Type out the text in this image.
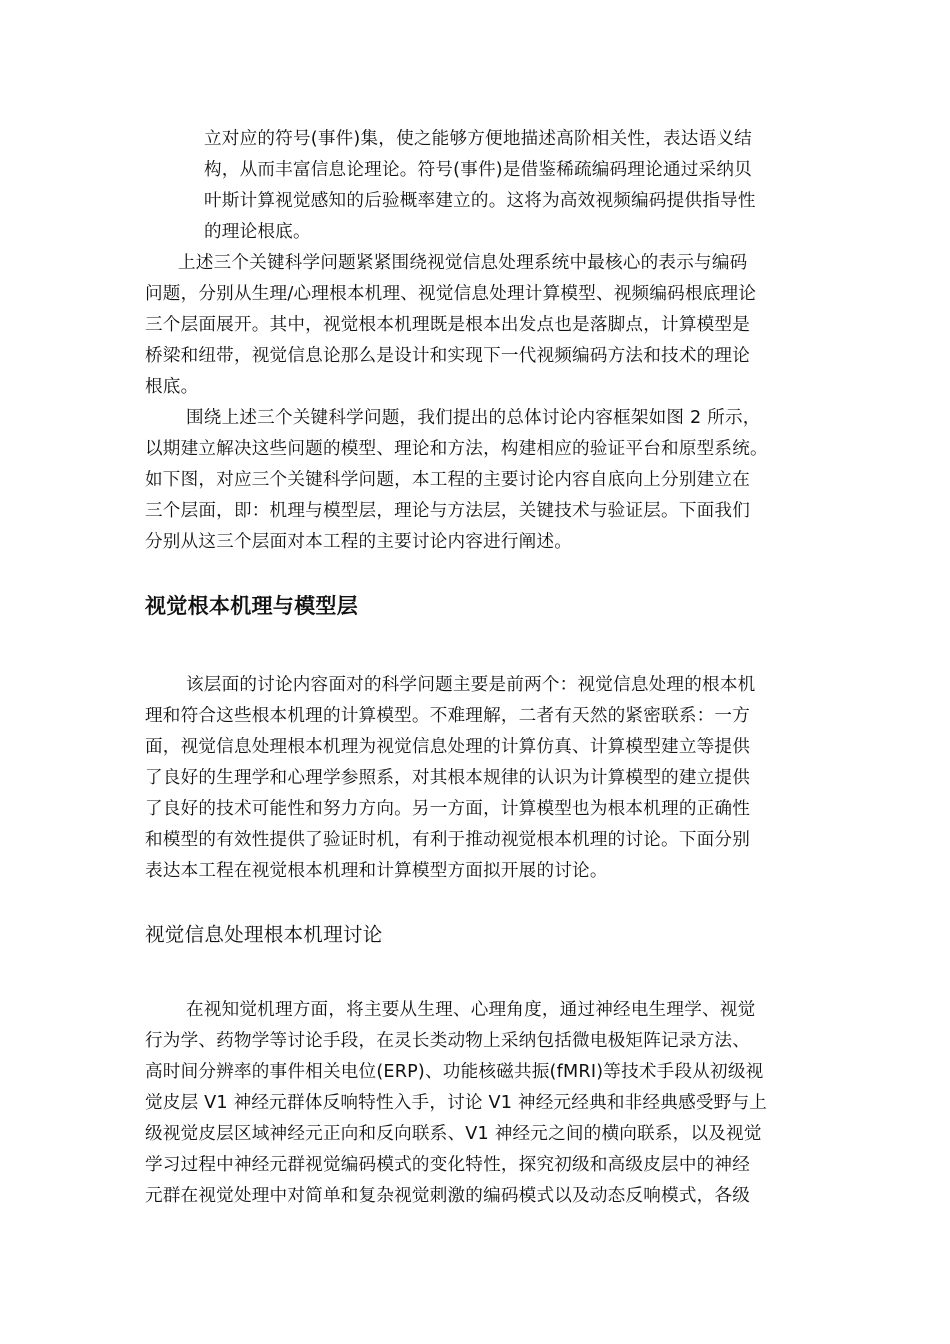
立对应的符号(事件)集，使之能够方便地描述高阶相关性，表达语义结
构，从而丰富信息论理论。符号(事件)是借鉴稀疏编码理论通过采纳贝
叶斯计算视觉感知的后验概率建立的。这将为高效视频编码提供指导性
的理论根底。
上述三个关键科学问题紧紧围绕视觉信息处理系统中最核心的表示与编码
问题，分别从生理/心理根本机理、视觉信息处理计算模型、视频编码根底理论
三个层面展开。其中，视觉根本机理既是根本出发点也是落脚点，计算模型是
桥梁和纽带，视觉信息论那么是设计和实现下一代视频编码方法和技术的理论
根底。
围绕上述三个关键科学问题，我们提出的总体讨论内容框架如图 2 所示，
以期建立解决这些问题的模型、理论和方法，构建相应的验证平台和原型系统。
如下图，对应三个关键科学问题，本工程的主要讨论内容自底向上分别建立在
三个层面，即：机理与模型层，理论与方法层，关键技术与验证层。下面我们
分别从这三个层面对本工程的主要讨论内容进行阐述。
视觉根本机理与模型层
该层面的讨论内容面对的科学问题主要是前两个：视觉信息处理的根本机
理和符合这些根本机理的计算模型。不难理解，二者有天然的紧密联系：一方
面，视觉信息处理根本机理为视觉信息处理的计算仿真、计算模型建立等提供
了良好的生理学和心理学参照系，对其根本规律的认识为计算模型的建立提供
了良好的技术可能性和努力方向。另一方面，计算模型也为根本机理的正确性
和模型的有效性提供了验证时机，有利于推动视觉根本机理的讨论。下面分别
表达本工程在视觉根本机理和计算模型方面拟开展的讨论。
视觉信息处理根本机理讨论
在视知觉机理方面，将主要从生理、心理角度，通过神经电生理学、视觉
行为学、药物学等讨论手段，在灵长类动物上采纳包括微电极矩阵记录方法、
高时间分辨率的事件相关电位(ERP)、功能核磁共振(fMRI)等技术手段从初级视
觉皮层 V1 神经元群体反响特性入手，讨论 V1 神经元经典和非经典感受野与上
级视觉皮层区域神经元正向和反向联系、V1 神经元之间的横向联系，以及视觉
学习过程中神经元群视觉编码模式的变化特性，探究初级和高级皮层中的神经
元群在视觉处理中对简单和复杂视觉刺激的编码模式以及动态反响模式，各级
